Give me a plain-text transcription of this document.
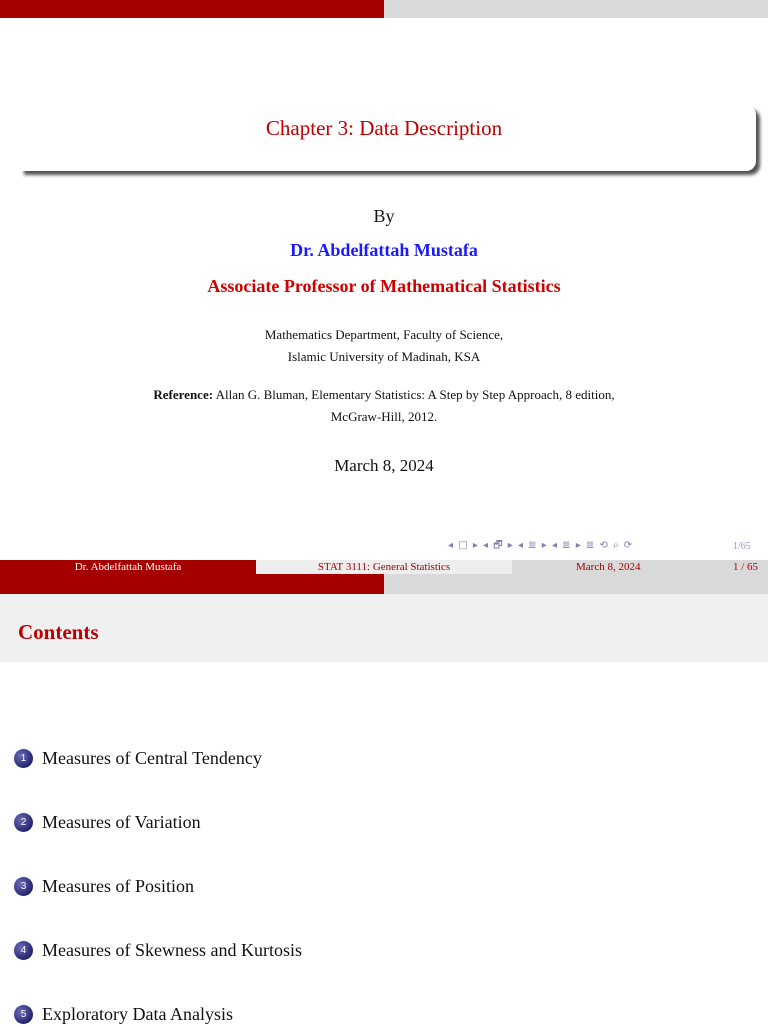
Chapter 3: Data Description
By
Dr. Abdelfattah Mustafa
Associate Professor of Mathematical Statistics
Mathematics Department, Faculty of Science,
Islamic University of Madinah, KSA
Reference: Allan G. Bluman, Elementary Statistics: A Step by Step Approach, 8 edition,
McGraw-Hill, 2012.
March 8, 2024
◂ □ ▸ ◂ 🗗 ▸ ◂ ≣ ▸ ◂ ≣ ▸ ≣ ⟲ ⌕ ⟳	1/65
Dr. Abdelfattah Mustafa	STAT 3111: General Statistics	March 8, 2024	1 / 65
Contents
1 Measures of Central Tendency
2 Measures of Variation
3 Measures of Position
4 Measures of Skewness and Kurtosis
5 Exploratory Data Analysis
